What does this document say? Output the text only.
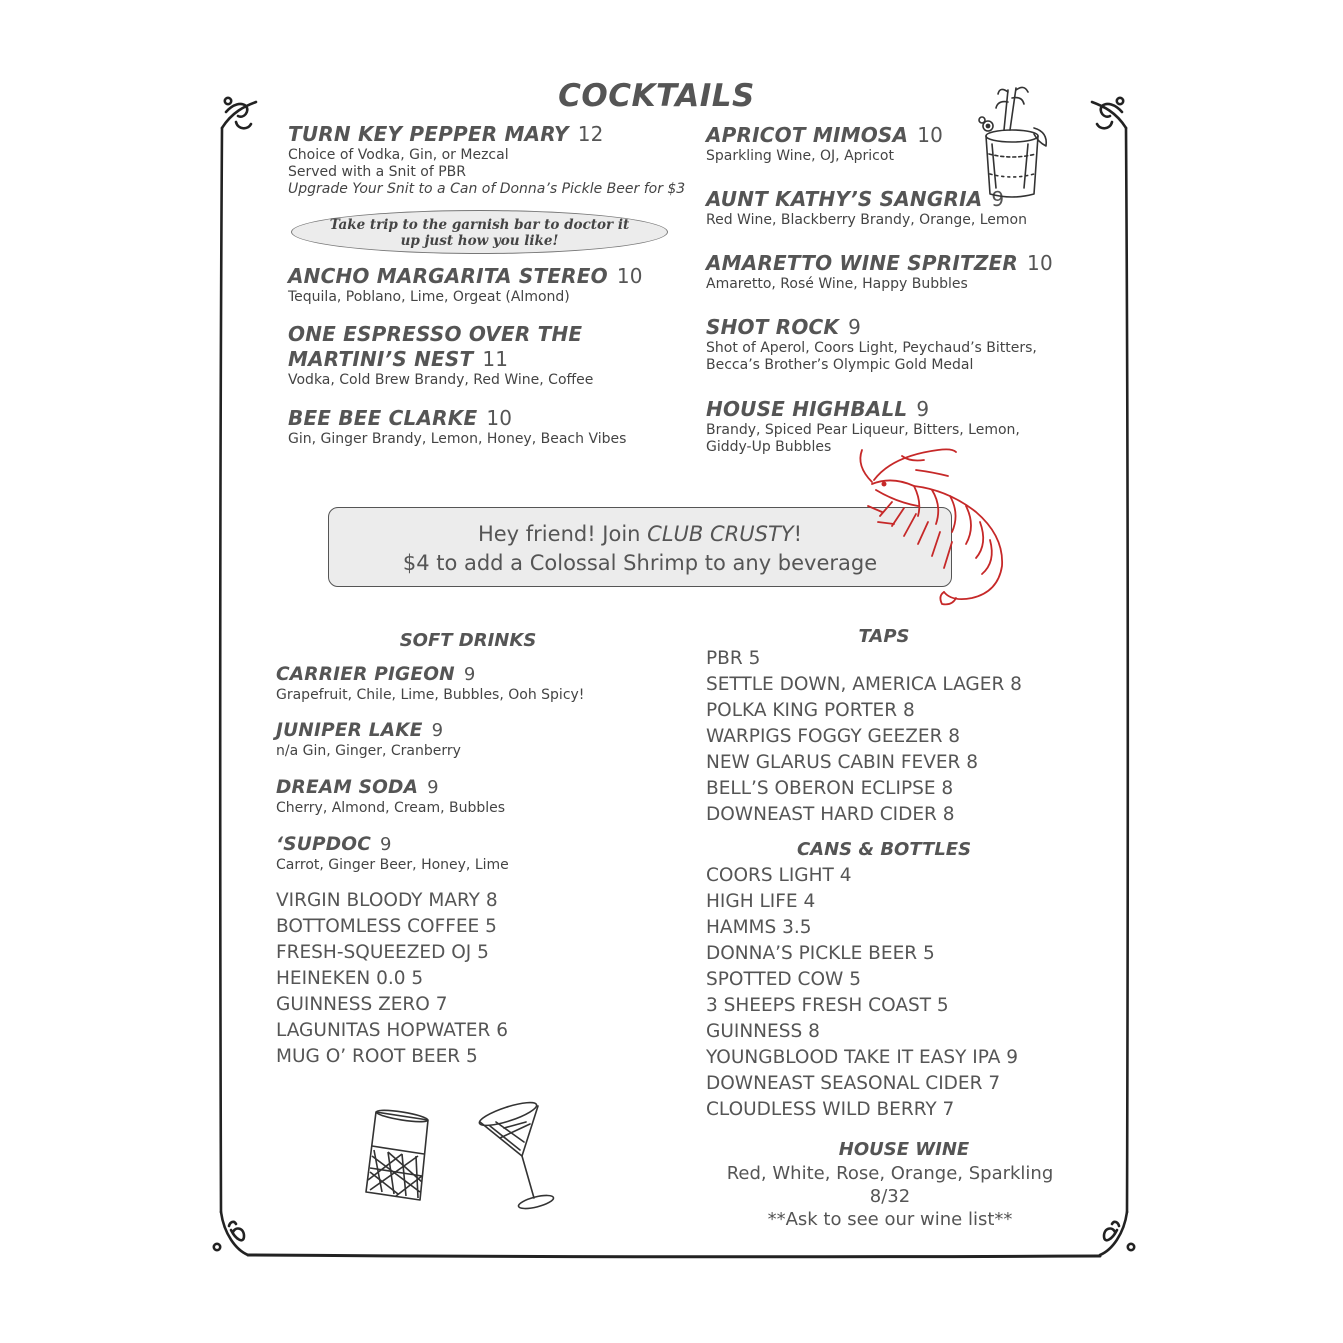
COCKTAILS
TURN KEY PEPPER MARY 12
Choice of Vodka, Gin, or Mezcal
Served with a Snit of PBR
Upgrade Your Snit to a Can of Donna’s Pickle Beer for $3
Take trip to the garnish bar to doctor it up just how you like!
ANCHO MARGARITA STEREO 10
Tequila, Poblano, Lime, Orgeat (Almond)
ONE ESPRESSO OVER THE
MARTINI’S NEST 11
Vodka, Cold Brew Brandy, Red Wine, Coffee
BEE BEE CLARKE 10
Gin, Ginger Brandy, Lemon, Honey, Beach Vibes
APRICOT MIMOSA 10
Sparkling Wine, OJ, Apricot
AUNT KATHY’S SANGRIA 9
Red Wine, Blackberry Brandy, Orange, Lemon
AMARETTO WINE SPRITZER 10
Amaretto, Rosé Wine, Happy Bubbles
SHOT ROCK 9
Shot of Aperol, Coors Light, Peychaud’s Bitters,
Becca’s Brother’s Olympic Gold Medal
HOUSE HIGHBALL 9
Brandy, Spiced Pear Liqueur, Bitters, Lemon,
Giddy-Up Bubbles
Hey friend! Join CLUB CRUSTY!
$4 to add a Colossal Shrimp to any beverage
SOFT DRINKS
CARRIER PIGEON 9
Grapefruit, Chile, Lime, Bubbles, Ooh Spicy!
JUNIPER LAKE 9
n/a Gin, Ginger, Cranberry
DREAM SODA 9
Cherry, Almond, Cream, Bubbles
‘SUPDOC 9
Carrot, Ginger Beer, Honey, Lime
VIRGIN BLOODY MARY 8
BOTTOMLESS COFFEE 5
FRESH-SQUEEZED OJ 5
HEINEKEN 0.0 5
GUINNESS ZERO 7
LAGUNITAS HOPWATER 6
MUG O’ ROOT BEER 5
TAPS
PBR 5
SETTLE DOWN, AMERICA LAGER 8
POLKA KING PORTER 8
WARPIGS FOGGY GEEZER 8
NEW GLARUS CABIN FEVER 8
BELL’S OBERON ECLIPSE 8
DOWNEAST HARD CIDER 8
CANS & BOTTLES
COORS LIGHT 4
HIGH LIFE 4
HAMMS 3.5
DONNA’S PICKLE BEER 5
SPOTTED COW 5
3 SHEEPS FRESH COAST 5
GUINNESS 8
YOUNGBLOOD TAKE IT EASY IPA 9
DOWNEAST SEASONAL CIDER 7
CLOUDLESS WILD BERRY 7
HOUSE WINE
Red, White, Rose, Orange, Sparkling 8/32
**Ask to see our wine list**
